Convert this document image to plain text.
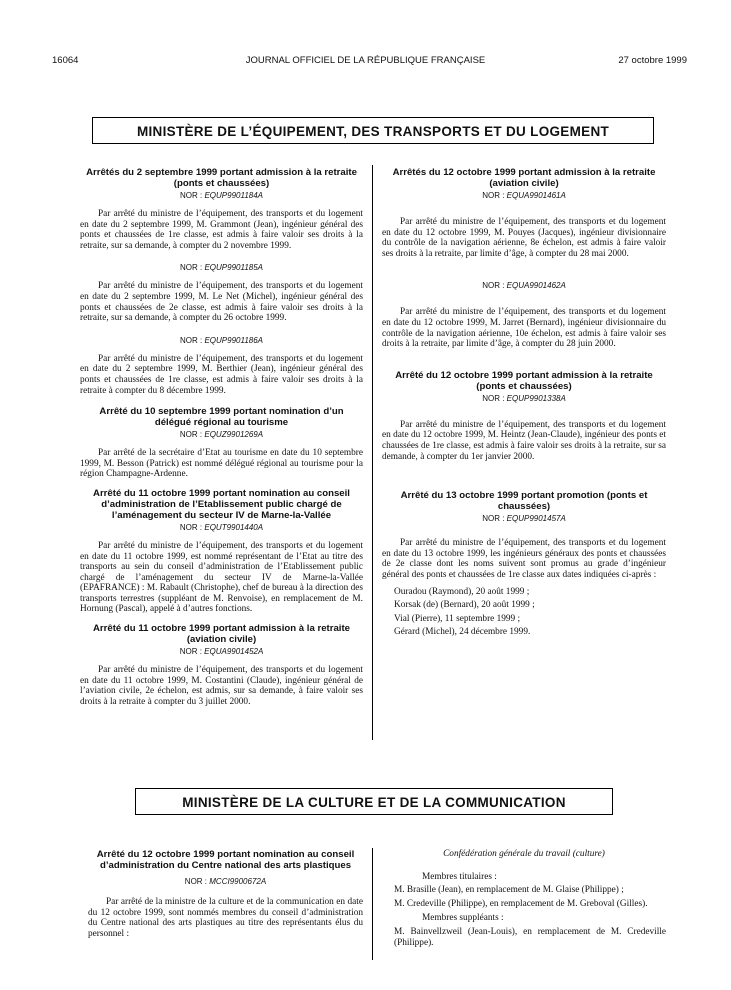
16064	JOURNAL OFFICIEL DE LA RÉPUBLIQUE FRANÇAISE	27 octobre 1999
MINISTÈRE DE L’ÉQUIPEMENT, DES TRANSPORTS ET DU LOGEMENT
Arrêtés du 2 septembre 1999 portant admission à la retraite (ponts et chaussées)
NOR : EQUP9901184A

Par arrêté du ministre de l’équipement, des transports et du logement en date du 2 septembre 1999, M. Grammont (Jean), ingénieur général des ponts et chaussées de 1re classe, est admis à faire valoir ses droits à la retraite, sur sa demande, à compter du 2 novembre 1999.

NOR : EQUP9901185A

Par arrêté du ministre de l’équipement, des transports et du logement en date du 2 septembre 1999, M. Le Net (Michel), ingénieur général des ponts et chaussées de 2e classe, est admis à faire valoir ses droits à la retraite, sur sa demande, à compter du 26 octobre 1999.

NOR : EQUP9901186A

Par arrêté du ministre de l’équipement, des transports et du logement en date du 2 septembre 1999, M. Berthier (Jean), ingénieur général des ponts et chaussées de 1re classe, est admis à faire valoir ses droits à la retraite à compter du 8 décembre 1999.

Arrêté du 10 septembre 1999 portant nomination d’un délégué régional au tourisme
NOR : EQUZ9901269A

Par arrêté de la secrétaire d’Etat au tourisme en date du 10 septembre 1999, M. Besson (Patrick) est nommé délégué régional au tourisme pour la région Champagne-Ardenne.

Arrêté du 11 octobre 1999 portant nomination au conseil d’administration de l’Etablissement public chargé de l’aménagement du secteur IV de Marne-la-Vallée
NOR : EQUT9901440A

Par arrêté du ministre de l’équipement, des transports et du logement en date du 11 octobre 1999, est nommé représentant de l’Etat au titre des transports au sein du conseil d’administration de l’Etablissement public chargé de l’aménagement du secteur IV de Marne-la-Vallée (EPAFRANCE) : M. Rabault (Christophe), chef de bureau à la direction des transports terrestres (suppléant de M. Renvoise), en remplacement de M. Hornung (Pascal), appelé à d’autres fonctions.

Arrêté du 11 octobre 1999 portant admission à la retraite (aviation civile)
NOR : EQUA9901452A

Par arrêté du ministre de l’équipement, des transports et du logement en date du 11 octobre 1999, M. Costantini (Claude), ingénieur général de l’aviation civile, 2e échelon, est admis, sur sa demande, à faire valoir ses droits à la retraite à compter du 3 juillet 2000.

Arrêtés du 12 octobre 1999 portant admission à la retraite (aviation civile)
NOR : EQUA9901461A

Par arrêté du ministre de l’équipement, des transports et du logement en date du 12 octobre 1999, M. Pouyes (Jacques), ingénieur divisionnaire du contrôle de la navigation aérienne, 8e échelon, est admis à faire valoir ses droits à la retraite, par limite d’âge, à compter du 28 mai 2000.

NOR : EQUA9901462A

Par arrêté du ministre de l’équipement, des transports et du logement en date du 12 octobre 1999, M. Jarret (Bernard), ingénieur divisionnaire du contrôle de la navigation aérienne, 10e échelon, est admis à faire valoir ses droits à la retraite, par limite d’âge, à compter du 28 juin 2000.

Arrêté du 12 octobre 1999 portant admission à la retraite (ponts et chaussées)
NOR : EQUP9901338A

Par arrêté du ministre de l’équipement, des transports et du logement en date du 12 octobre 1999, M. Heintz (Jean-Claude), ingénieur des ponts et chaussées de 1re classe, est admis à faire valoir ses droits à la retraite, sur sa demande, à compter du 1er janvier 2000.

Arrêté du 13 octobre 1999 portant promotion (ponts et chaussées)
NOR : EQUP9901457A

Par arrêté du ministre de l’équipement, des transports et du logement en date du 13 octobre 1999, les ingénieurs généraux des ponts et chaussées de 2e classe dont les noms suivent sont promus au grade d’ingénieur général des ponts et chaussées de 1re classe aux dates indiquées ci-après :

Ouradou (Raymond), 20 août 1999 ;
Korsak (de) (Bernard), 20 août 1999 ;
Vial (Pierre), 11 septembre 1999 ;
Gérard (Michel), 24 décembre 1999.
MINISTÈRE DE LA CULTURE ET DE LA COMMUNICATION
Arrêté du 12 octobre 1999 portant nomination au conseil d’administration du Centre national des arts plastiques
NOR : MCCI9900672A

Par arrêté de la ministre de la culture et de la communication en date du 12 octobre 1999, sont nommés membres du conseil d’administration du Centre national des arts plastiques au titre des représentants élus du personnel :

Confédération générale du travail (culture)
Membres titulaires :
M. Brasille (Jean), en remplacement de M. Glaise (Philippe) ;
M. Credeville (Philippe), en remplacement de M. Greboval (Gilles).
Membres suppléants :
M. Bainvellzweil (Jean-Louis), en remplacement de M. Credeville (Philippe).
